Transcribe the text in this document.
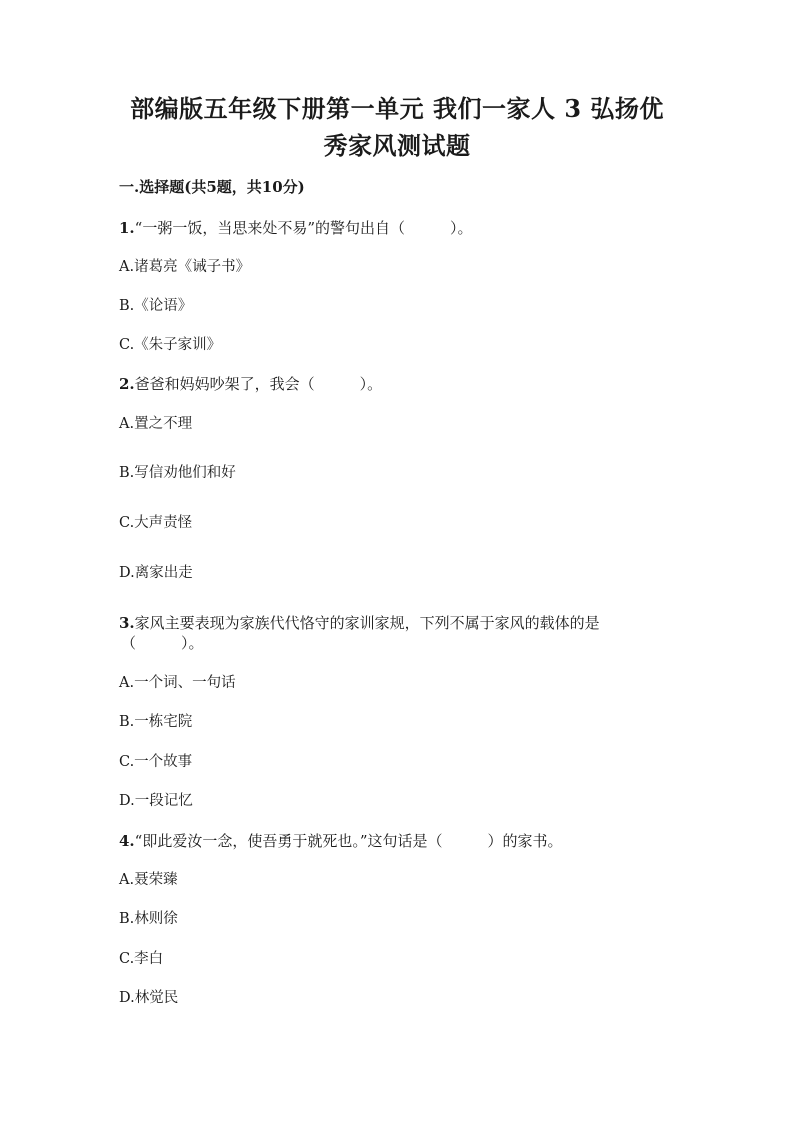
部编版五年级下册第一单元 我们一家人 3 弘扬优
秀家风测试题
一.选择题(共5题，共10分)
1.“一粥一饭，当思来处不易”的警句出自（　　　）。
A.诸葛亮《诫子书》
B.《论语》
C.《朱子家训》
2.爸爸和妈妈吵架了，我会（　　　）。
A.置之不理
B.写信劝他们和好
C.大声责怪
D.离家出走
3.家风主要表现为家族代代恪守的家训家规，下列不属于家风的载体的是
（　　　）。
A.一个词、一句话
B.一栋宅院
C.一个故事
D.一段记忆
4.“即此爱汝一念，使吾勇于就死也。”这句话是（　　　）的家书。
A.聂荣臻
B.林则徐
C.李白
D.林觉民
